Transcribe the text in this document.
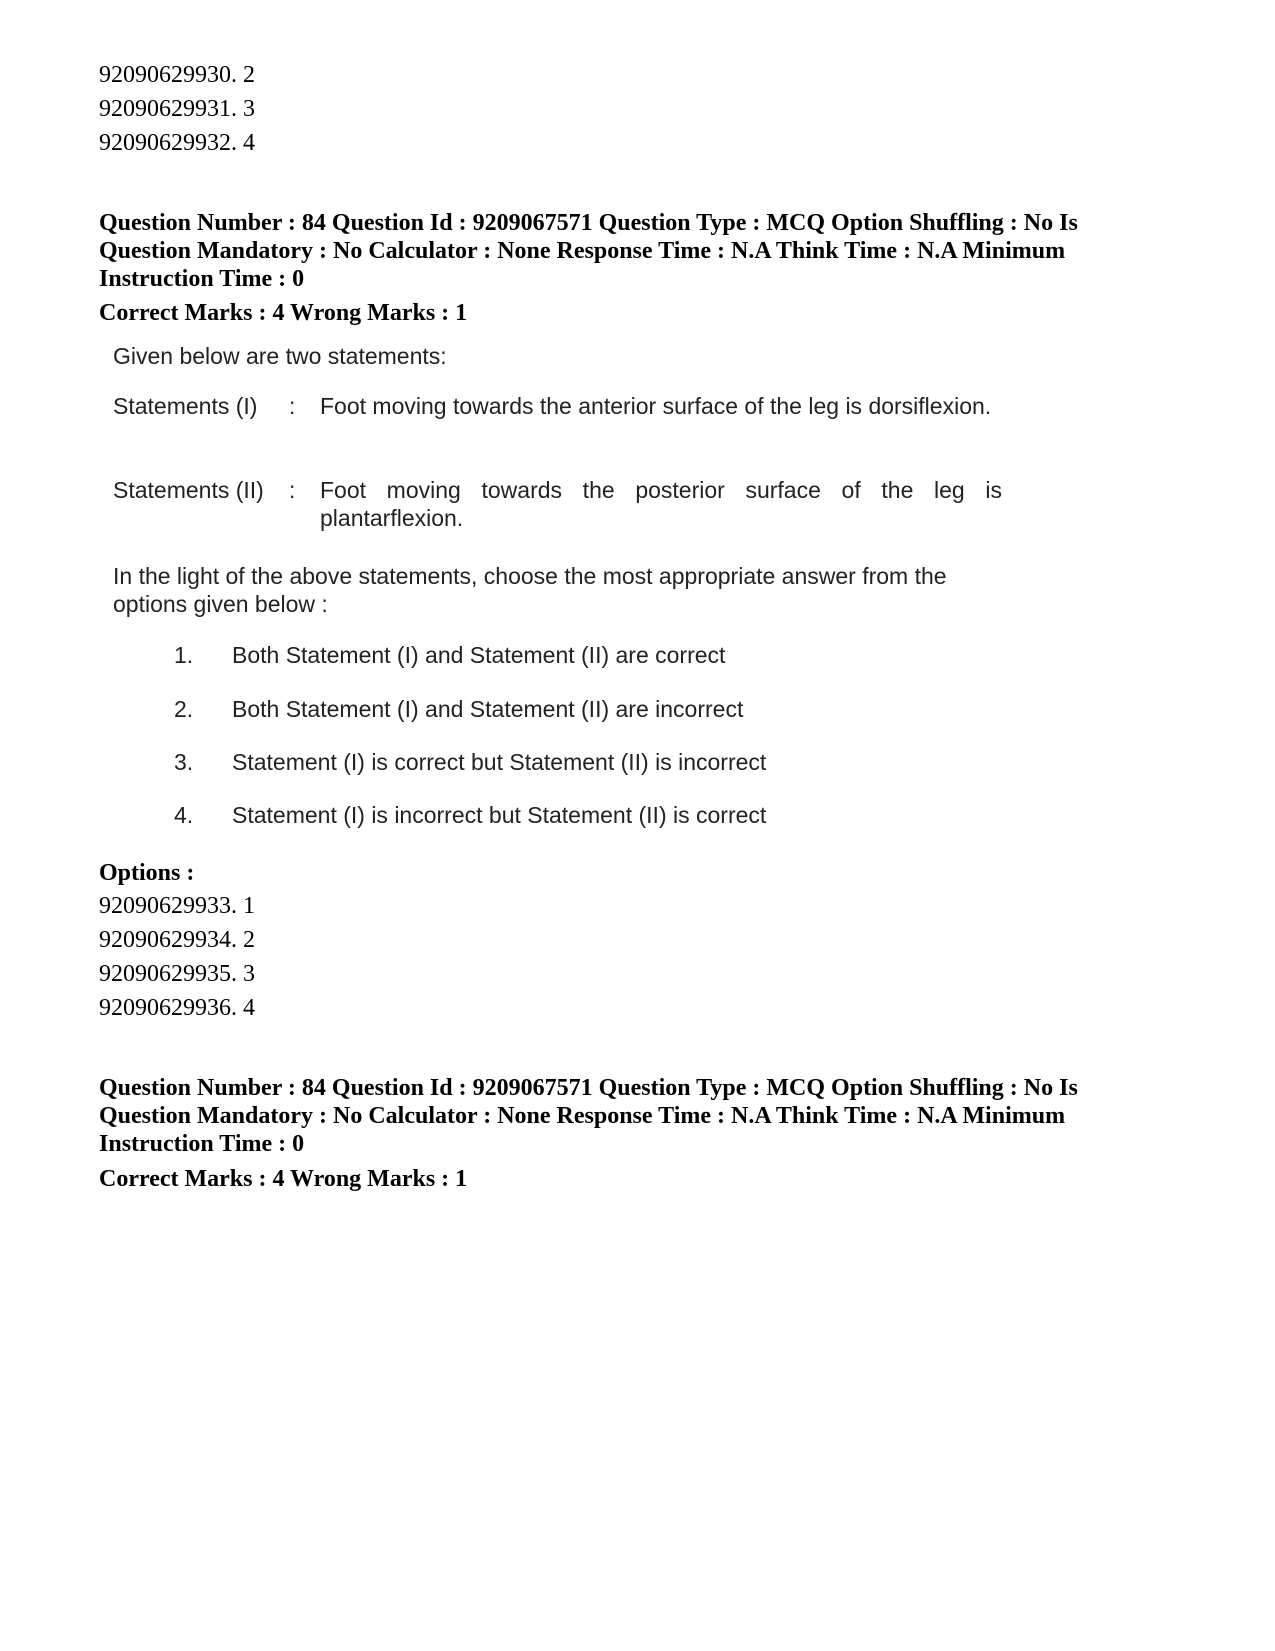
92090629930. 2
92090629931. 3
92090629932. 4
Question Number : 84 Question Id : 9209067571 Question Type : MCQ Option Shuffling : No Is
Question Mandatory : No Calculator : None Response Time : N.A Think Time : N.A Minimum
Instruction Time : 0
Correct Marks : 4 Wrong Marks : 1
Given below are two statements:
Statements (I) : Foot moving towards the anterior surface of the leg is dorsiflexion.
Statements (II) : Foot moving towards the posterior surface of the leg is plantarflexion.
In the light of the above statements, choose the most appropriate answer from the options given below :
1. Both Statement (I) and Statement (II) are correct
2. Both Statement (I) and Statement (II) are incorrect
3. Statement (I) is correct but Statement (II) is incorrect
4. Statement (I) is incorrect but Statement (II) is correct
Options :
92090629933. 1
92090629934. 2
92090629935. 3
92090629936. 4
Question Number : 84 Question Id : 9209067571 Question Type : MCQ Option Shuffling : No Is
Question Mandatory : No Calculator : None Response Time : N.A Think Time : N.A Minimum
Instruction Time : 0
Correct Marks : 4 Wrong Marks : 1
